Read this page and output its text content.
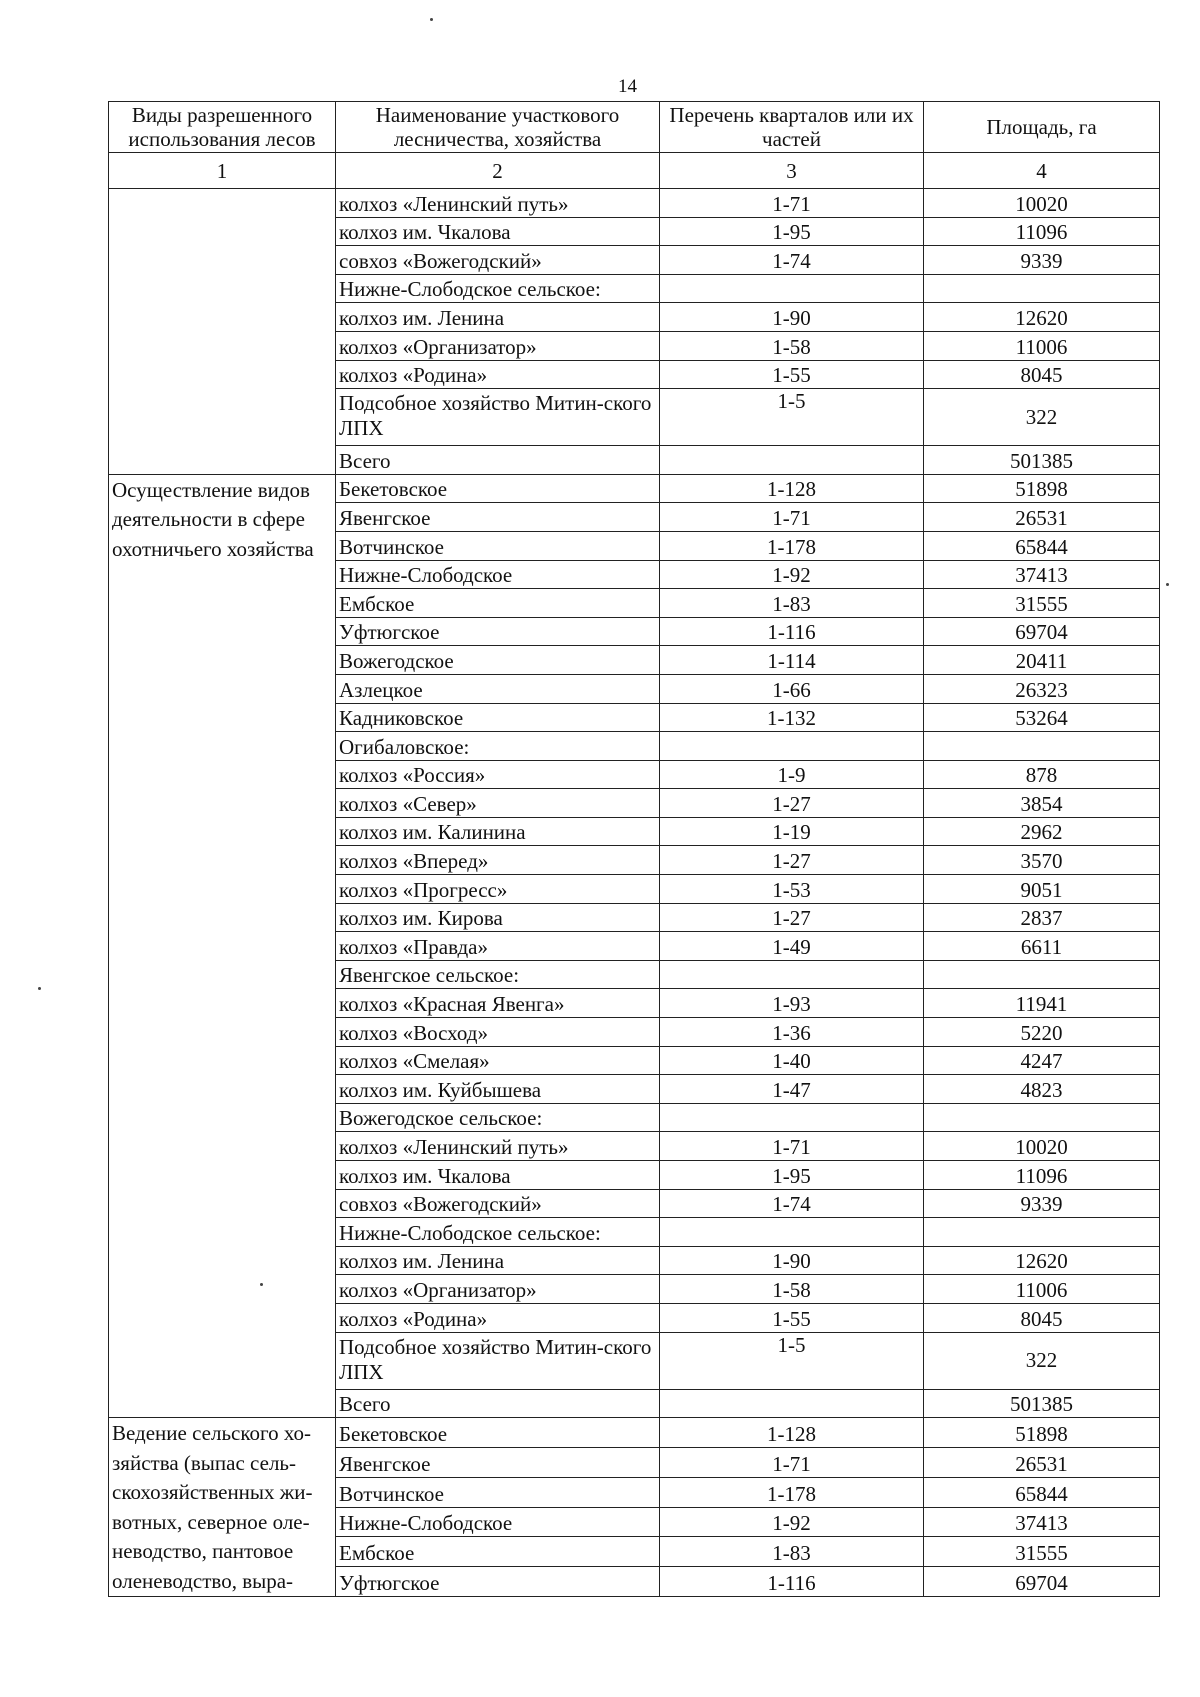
14
Виды разрешенного использования лесов	Наименование участкового лесничества, хозяйства	Перечень кварталов или их частей	Площадь, га
1	2	3	4
	колхоз «Ленинский путь»	1-71	10020
	колхоз им. Чкалова	1-95	11096
	совхоз «Вожегодский»	1-74	9339
	Нижне-Слободское сельское:		
	колхоз им. Ленина	1-90	12620
	колхоз «Организатор»	1-58	11006
	колхоз «Родина»	1-55	8045
	Подсобное хозяйство Митин-ского ЛПХ	1-5	322
	Всего		501385
Осуществление видов деятельности в сфере охотничьего хозяйства	Бекетовское	1-128	51898
	Явенгское	1-71	26531
	Вотчинское	1-178	65844
	Нижне-Слободское	1-92	37413
	Ембское	1-83	31555
	Уфтюгское	1-116	69704
	Вожегодское	1-114	20411
	Азлецкое	1-66	26323
	Кадниковское	1-132	53264
	Огибаловское:		
	колхоз «Россия»	1-9	878
	колхоз «Север»	1-27	3854
	колхоз им. Калинина	1-19	2962
	колхоз «Вперед»	1-27	3570
	колхоз «Прогресс»	1-53	9051
	колхоз им. Кирова	1-27	2837
	колхоз «Правда»	1-49	6611
	Явенгское сельское:		
	колхоз «Красная Явенга»	1-93	11941
	колхоз «Восход»	1-36	5220
	колхоз «Смелая»	1-40	4247
	колхоз им. Куйбышева	1-47	4823
	Вожегодское сельское:		
	колхоз «Ленинский путь»	1-71	10020
	колхоз им. Чкалова	1-95	11096
	совхоз «Вожегодский»	1-74	9339
	Нижне-Слободское сельское:		
	колхоз им. Ленина	1-90	12620
	колхоз «Организатор»	1-58	11006
	колхоз «Родина»	1-55	8045
	Подсобное хозяйство Митин-ского ЛПХ	1-5	322
	Всего		501385
Ведение сельского хо-зяйства (выпас сель-скохозяйственных жи-вотных, северное оле-неводство, пантовое оленеводство, выра-	Бекетовское	1-128	51898
	Явенгское	1-71	26531
	Вотчинское	1-178	65844
	Нижне-Слободское	1-92	37413
	Ембское	1-83	31555
	Уфтюгское	1-116	69704
